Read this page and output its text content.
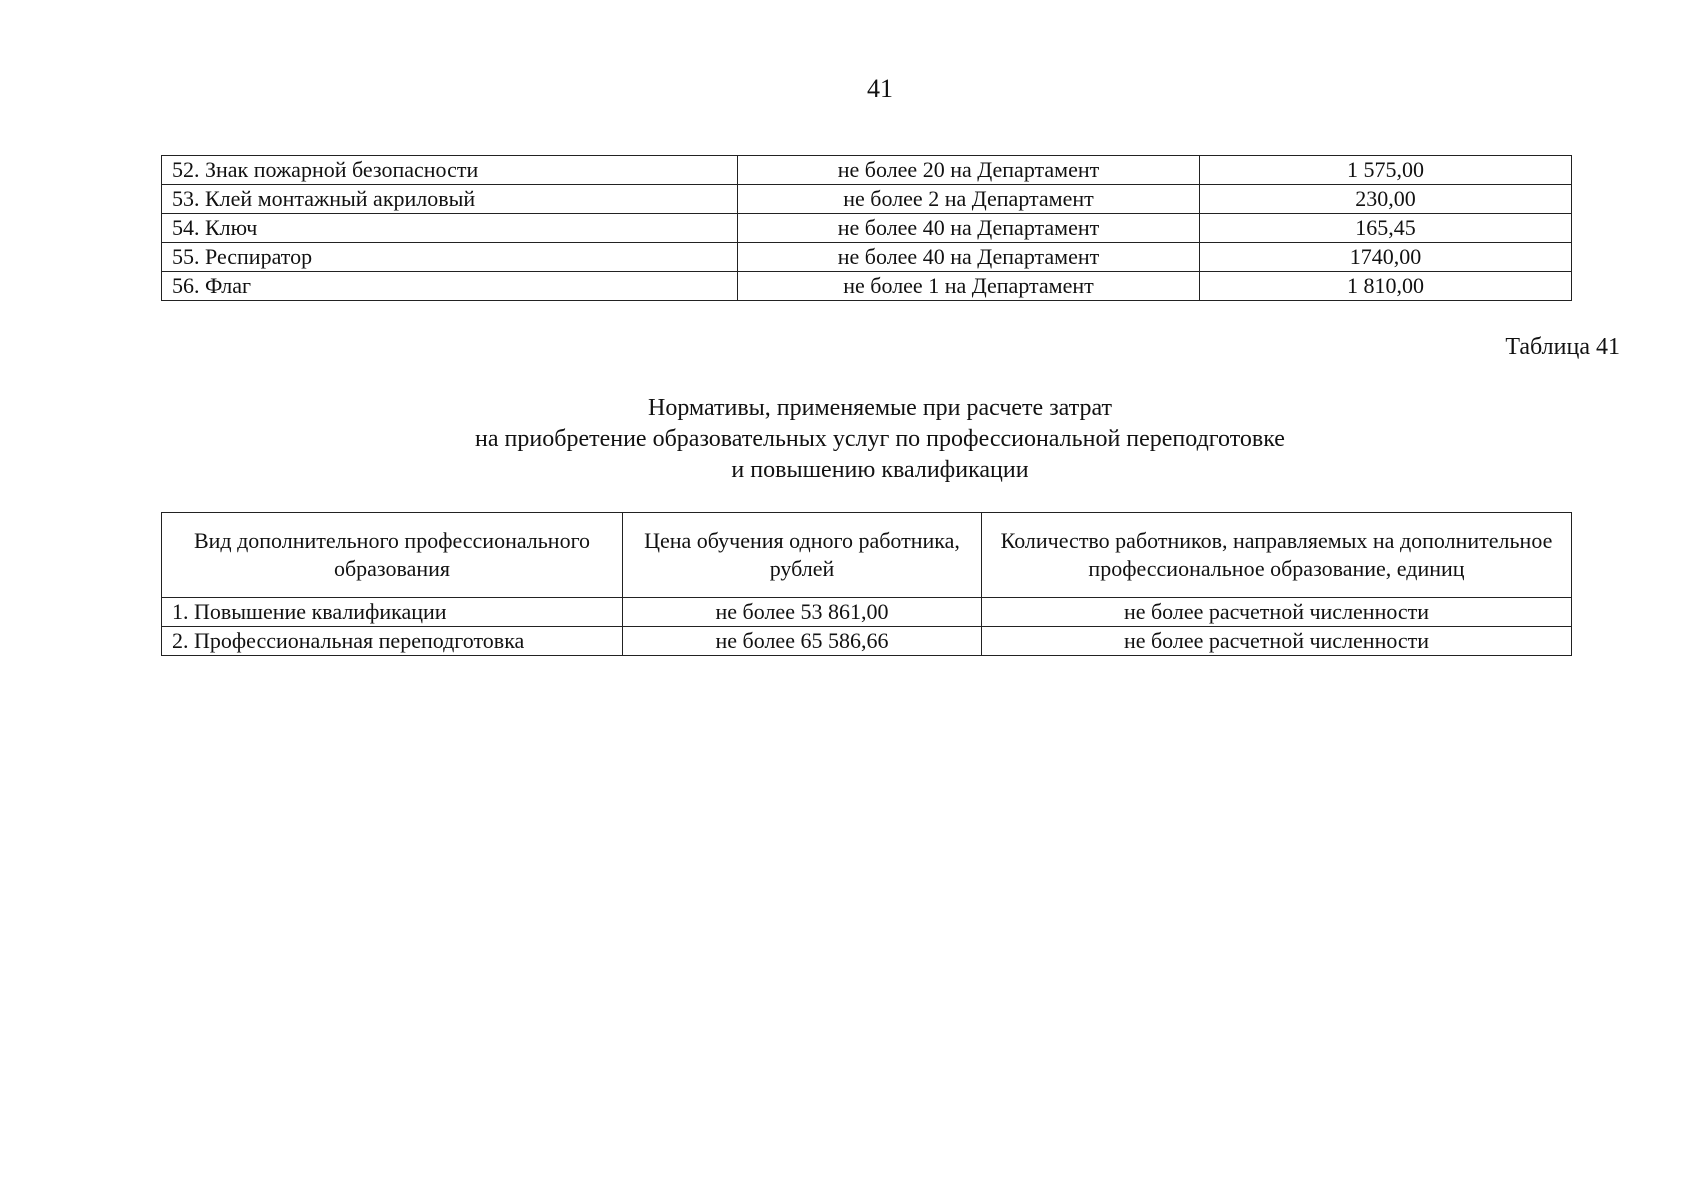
41
52. Знак пожарной безопасности	не более 20 на Департамент	1 575,00
53. Клей монтажный акриловый	не более 2 на Департамент	230,00
54. Ключ	не более 40 на Департамент	165,45
55. Респиратор	не более 40 на Департамент	1740,00
56. Флаг	не более 1 на Департамент	1 810,00
Таблица 41
Нормативы, применяемые при расчете затрат
на приобретение образовательных услуг по профессиональной переподготовке
и повышению квалификации
Вид дополнительного профессионального образования	Цена обучения одного работника, рублей	Количество работников, направляемых на дополнительное профессиональное образование, единиц
1. Повышение квалификации	не более 53 861,00	не более расчетной численности
2. Профессиональная переподготовка	не более 65 586,66	не более расчетной численности
